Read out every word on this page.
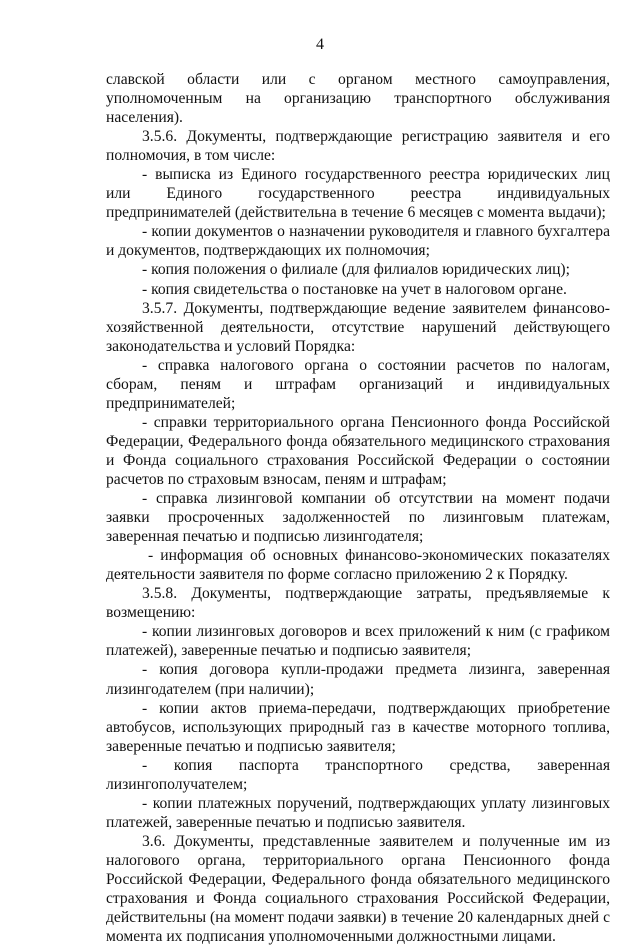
4

славской области или с органом местного самоуправления, уполномоченным на организацию транспортного обслуживания населения).

3.5.6. Документы, подтверждающие регистрацию заявителя и его полномочия, в том числе:

- выписка из Единого государственного реестра юридических лиц или Единого государственного реестра индивидуальных предпринимателей (действительна в течение 6 месяцев с момента выдачи);

- копии документов о назначении руководителя и главного бухгалтера и документов, подтверждающих их полномочия;

- копия положения о филиале (для филиалов юридических лиц);

- копия свидетельства о постановке на учет в налоговом органе.

3.5.7. Документы, подтверждающие ведение заявителем финансово-хозяйственной деятельности, отсутствие нарушений действующего законодательства и условий Порядка:

- справка налогового органа о состоянии расчетов по налогам, сборам, пеням и штрафам организаций и индивидуальных предпринимателей;

- справки территориального органа Пенсионного фонда Российской Федерации, Федерального фонда обязательного медицинского страхования и Фонда социального страхования Российской Федерации о состоянии расчетов по страховым взносам, пеням и штрафам;

- справка лизинговой компании об отсутствии на момент подачи заявки просроченных задолженностей по лизинговым платежам, заверенная печатью и подписью лизингодателя;

- информация об основных финансово-экономических показателях деятельности заявителя по форме согласно приложению 2 к Порядку.

3.5.8. Документы, подтверждающие затраты, предъявляемые к возмещению:

- копии лизинговых договоров и всех приложений к ним (с графиком платежей), заверенные печатью и подписью заявителя;

- копия договора купли-продажи предмета лизинга, заверенная лизингодателем (при наличии);

- копии актов приема-передачи, подтверждающих приобретение автобусов, использующих природный газ в качестве моторного топлива, заверенные печатью и подписью заявителя;

- копия паспорта транспортного средства, заверенная лизингополучателем;

- копии платежных поручений, подтверждающих уплату лизинговых платежей, заверенные печатью и подписью заявителя.

3.6. Документы, представленные заявителем и полученные им из налогового органа, территориального органа Пенсионного фонда Российской Федерации, Федерального фонда обязательного медицинского страхования и Фонда социального страхования Российской Федерации, действительны (на момент подачи заявки) в течение 20 календарных дней с момента их подписания уполномоченными должностными лицами.
